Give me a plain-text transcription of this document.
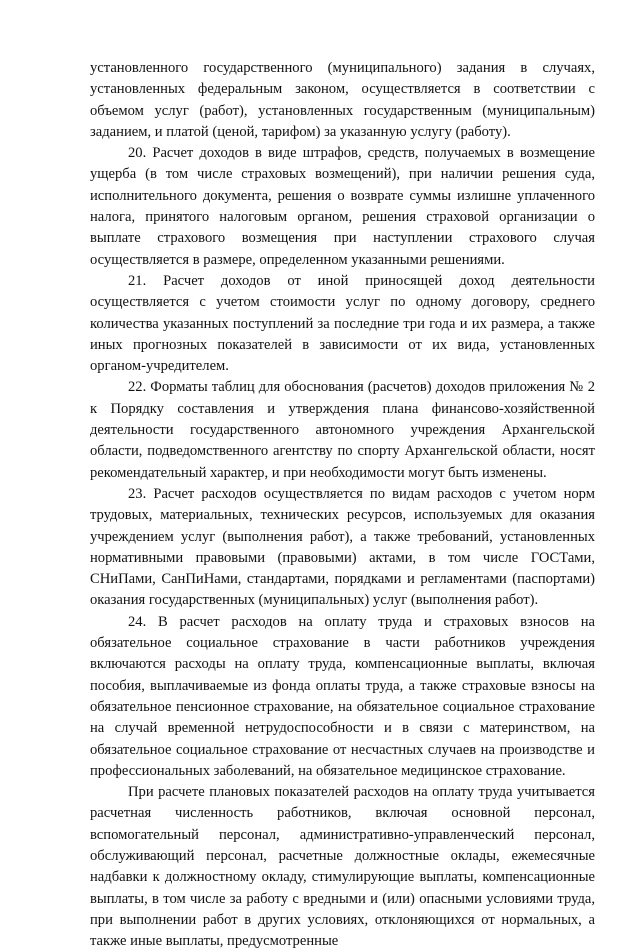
установленного государственного (муниципального) задания в случаях, установленных федеральным законом, осуществляется в соответствии с объемом услуг (работ), установленных государственным (муниципальным) заданием, и платой (ценой, тарифом) за указанную услугу (работу).

20. Расчет доходов в виде штрафов, средств, получаемых в возмещение ущерба (в том числе страховых возмещений), при наличии решения суда, исполнительного документа, решения о возврате суммы излишне уплаченного налога, принятого налоговым органом, решения страховой организации о выплате страхового возмещения при наступлении страхового случая осуществляется в размере, определенном указанными решениями.

21. Расчет доходов от иной приносящей доход деятельности осуществляется с учетом стоимости услуг по одному договору, среднего количества указанных поступлений за последние три года и их размера, а также иных прогнозных показателей в зависимости от их вида, установленных органом-учредителем.

22. Форматы таблиц для обоснования (расчетов) доходов приложения № 2 к Порядку составления и утверждения плана финансово-хозяйственной деятельности государственного автономного учреждения Архангельской области, подведомственного агентству по спорту Архангельской области, носят рекомендательный характер, и при необходимости могут быть изменены.

23. Расчет расходов осуществляется по видам расходов с учетом норм трудовых, материальных, технических ресурсов, используемых для оказания учреждением услуг (выполнения работ), а также требований, установленных нормативными правовыми (правовыми) актами, в том числе ГОСТами, СНиПами, СанПиНами, стандартами, порядками и регламентами (паспортами) оказания государственных (муниципальных) услуг (выполнения работ).

24. В расчет расходов на оплату труда и страховых взносов на обязательное социальное страхование в части работников учреждения включаются расходы на оплату труда, компенсационные выплаты, включая пособия, выплачиваемые из фонда оплаты труда, а также страховые взносы на обязательное пенсионное страхование, на обязательное социальное страхование на случай временной нетрудоспособности и в связи с материнством, на обязательное социальное страхование от несчастных случаев на производстве и профессиональных заболеваний, на обязательное медицинское страхование.

При расчете плановых показателей расходов на оплату труда учитывается расчетная численность работников, включая основной персонал, вспомогательный персонал, административно-управленческий персонал, обслуживающий персонал, расчетные должностные оклады, ежемесячные надбавки к должностному окладу, стимулирующие выплаты, компенсационные выплаты, в том числе за работу с вредными и (или) опасными условиями труда, при выполнении работ в других условиях, отклоняющихся от нормальных, а также иные выплаты, предусмотренные
